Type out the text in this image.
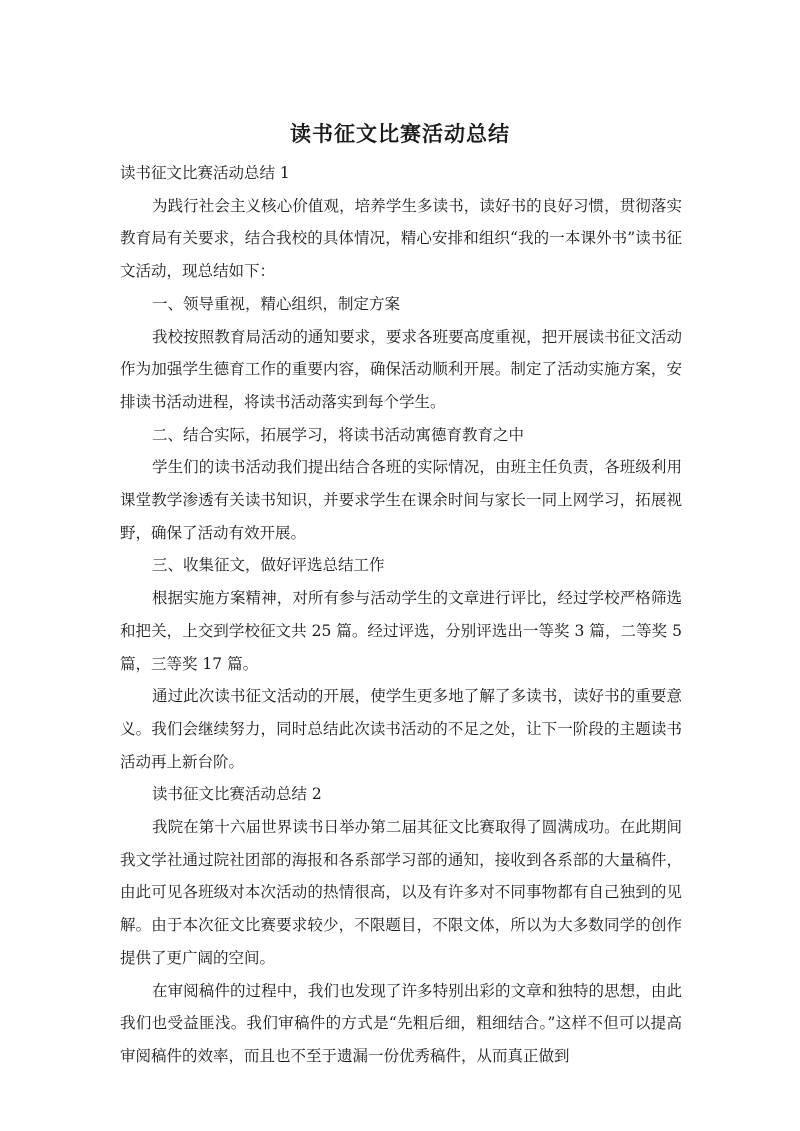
读书征文比赛活动总结

读书征文比赛活动总结 1

为践行社会主义核心价值观，培养学生多读书，读好书的良好习惯，贯彻落实教育局有关要求，结合我校的具体情况，精心安排和组织“我的一本课外书”读书征文活动，现总结如下：

一、领导重视，精心组织，制定方案

我校按照教育局活动的通知要求，要求各班要高度重视，把开展读书征文活动作为加强学生德育工作的重要内容，确保活动顺利开展。制定了活动实施方案，安排读书活动进程，将读书活动落实到每个学生。

二、结合实际，拓展学习，将读书活动寓德育教育之中

学生们的读书活动我们提出结合各班的实际情况，由班主任负责，各班级利用课堂教学渗透有关读书知识，并要求学生在课余时间与家长一同上网学习，拓展视野，确保了活动有效开展。

三、收集征文，做好评选总结工作

根据实施方案精神，对所有参与活动学生的文章进行评比，经过学校严格筛选和把关，上交到学校征文共 25 篇。经过评选，分别评选出一等奖 3 篇，二等奖 5 篇，三等奖 17 篇。

通过此次读书征文活动的开展，使学生更多地了解了多读书，读好书的重要意义。我们会继续努力，同时总结此次读书活动的不足之处，让下一阶段的主题读书活动再上新台阶。

读书征文比赛活动总结 2

我院在第十六届世界读书日举办第二届其征文比赛取得了圆满成功。在此期间我文学社通过院社团部的海报和各系部学习部的通知，接收到各系部的大量稿件，由此可见各班级对本次活动的热情很高，以及有许多对不同事物都有自己独到的见解。由于本次征文比赛要求较少，不限题目，不限文体，所以为大多数同学的创作提供了更广阔的空间。

在审阅稿件的过程中，我们也发现了许多特别出彩的文章和独特的思想，由此我们也受益匪浅。我们审稿件的方式是“先粗后细，粗细结合。”这样不但可以提高审阅稿件的效率，而且也不至于遗漏一份优秀稿件，从而真正做到
